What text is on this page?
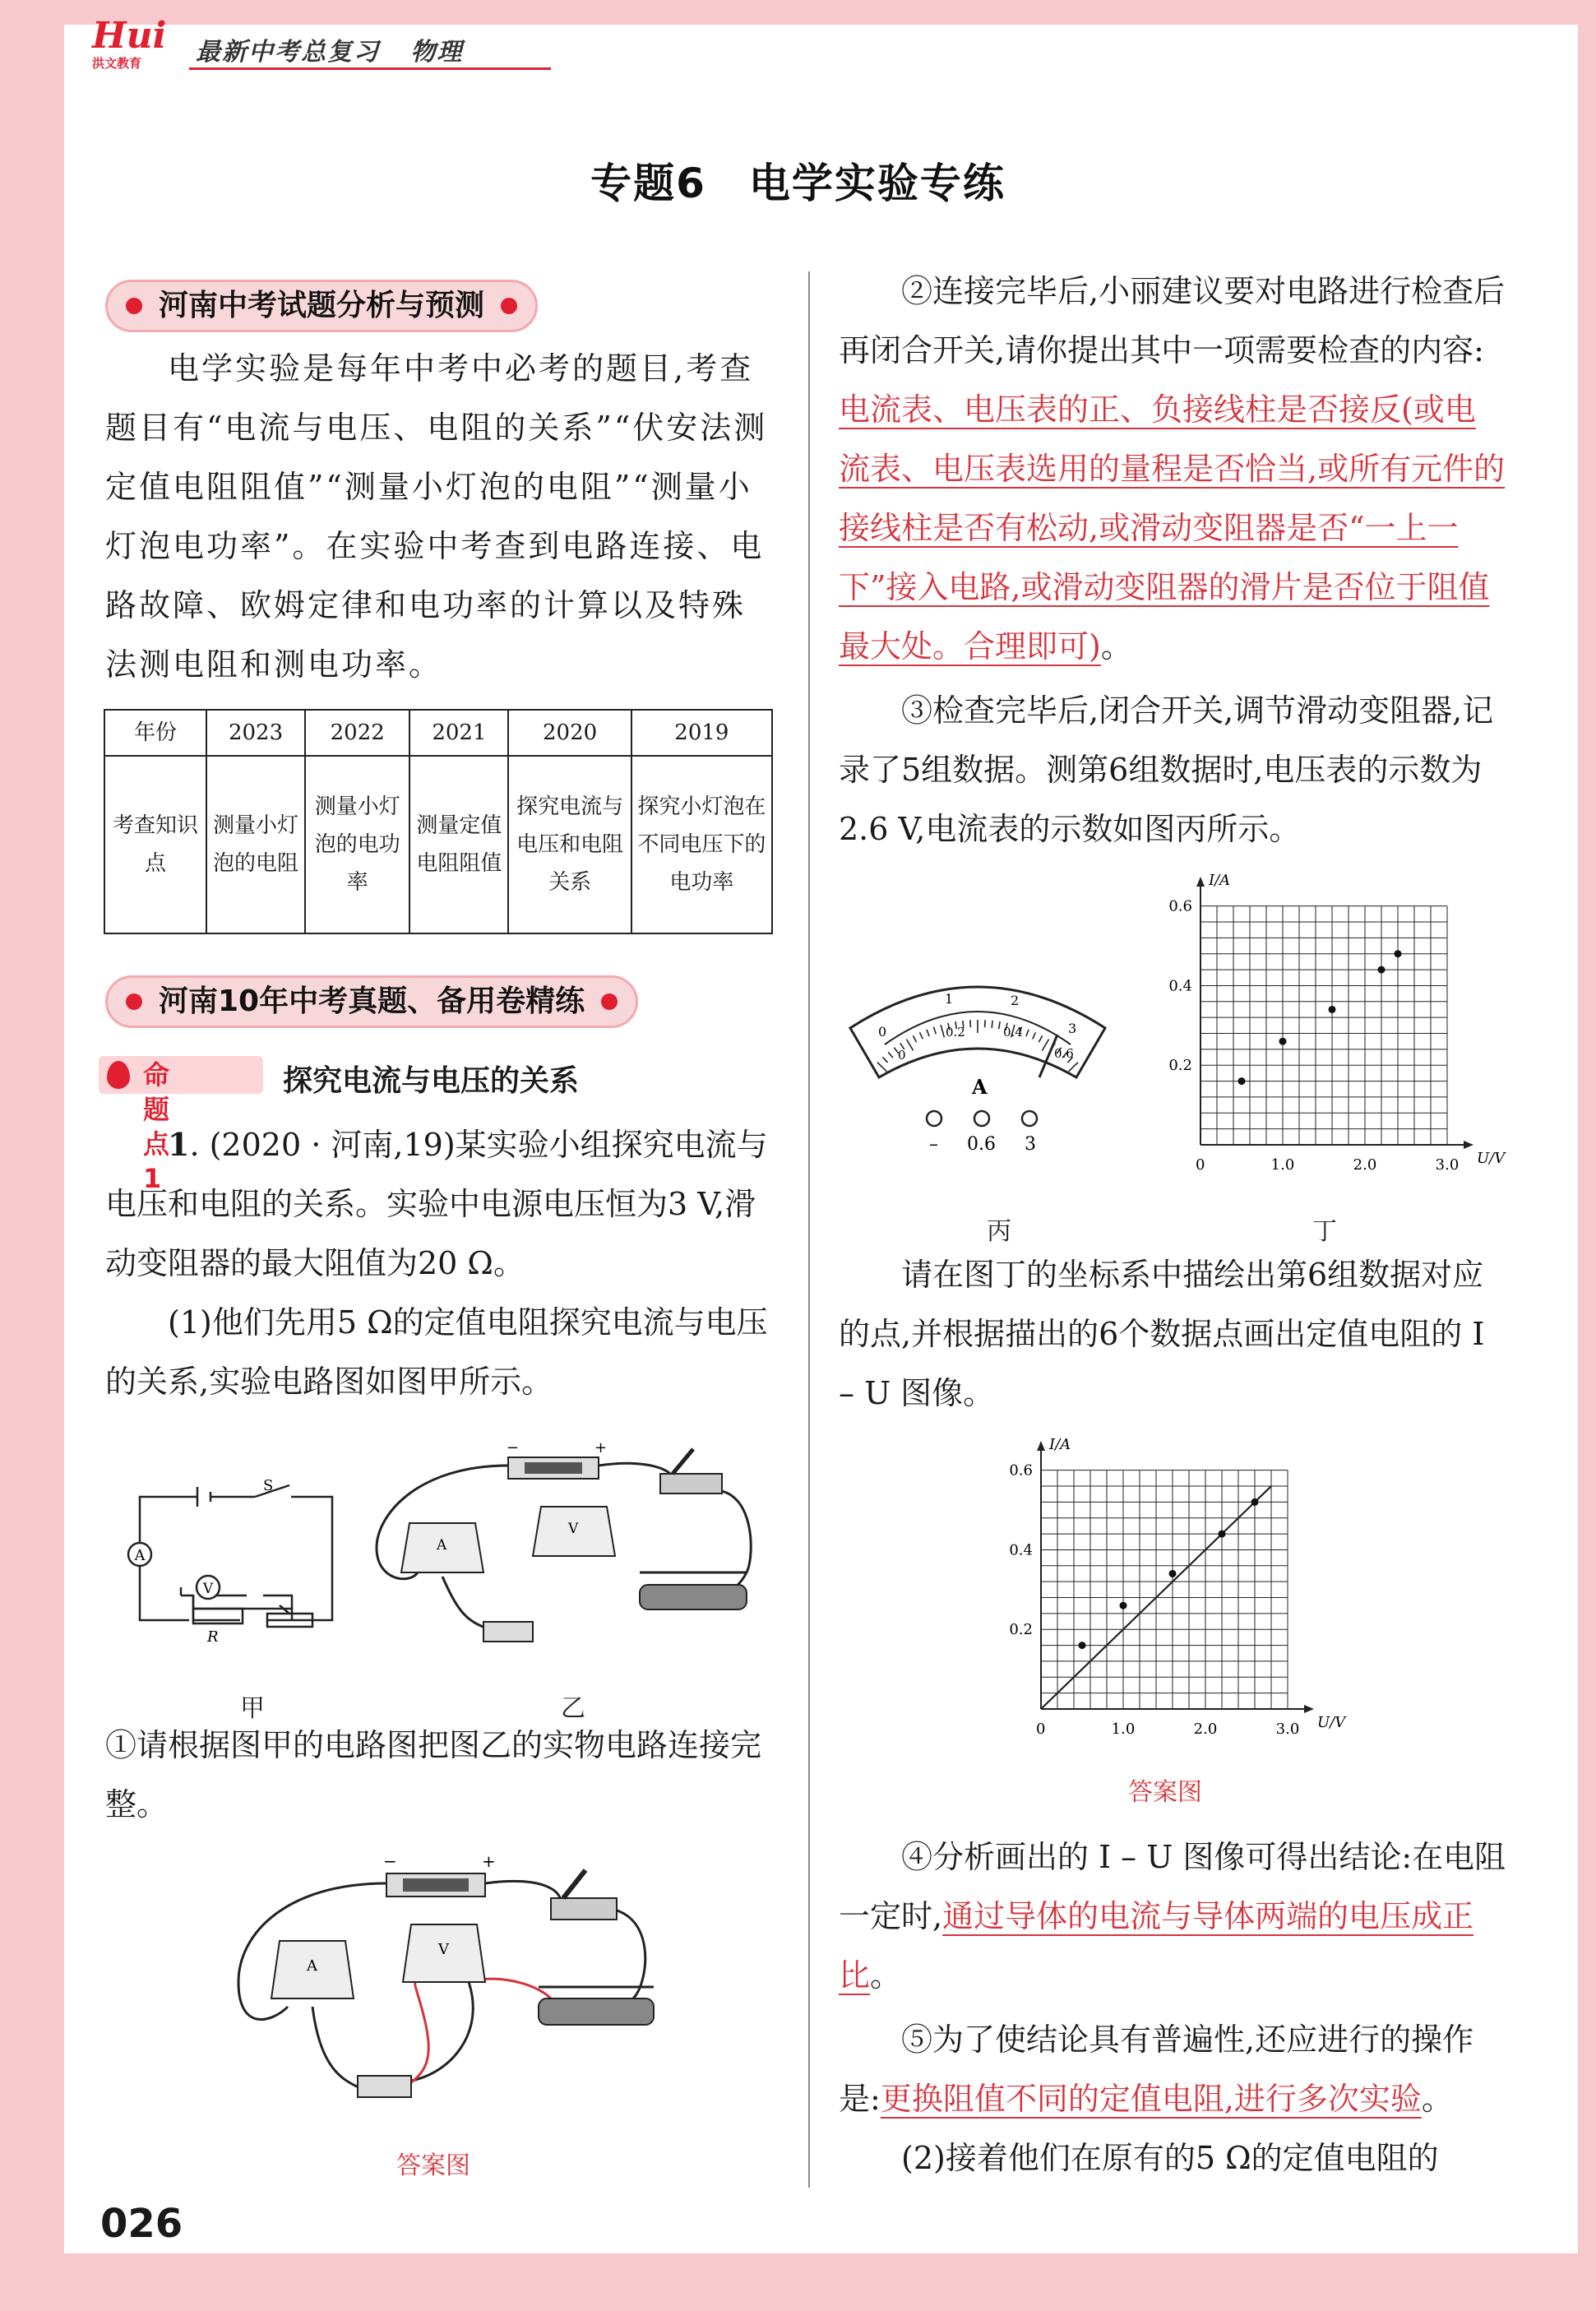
Hui
洪文教育	最新中考总复习 物理
专题6　电学实验专练
河南中考试题分析与预测

电学实验是每年中考中必考的题目,考查题目有“电流与电压、电阻的关系”“伏安法测定值电阻阻值”“测量小灯泡的电阻”“测量小灯泡电功率”。在实验中考查到电路连接、电路故障、欧姆定律和电功率的计算以及特殊法测电阻和测电功率。

年份	2023	2022	2021	2020	2019
考查知识点	测量小灯泡的电阻	测量小灯泡的电功率	测量定值电阻阻值	探究电流与电压和电阻关系	探究小灯泡在不同电压下的电功率
河南10年中考真题、备用卷精练
命题点1
探究电流与电压的关系

1. (2020 · 河南,19)某实验小组探究电流与电压和电阻的关系。实验中电源电压恒为3 V,滑动变阻器的最大阻值为20 Ω。

(1)他们先用5 Ω的定值电阻探究电流与电压的关系,实验电路图如图甲所示。

A
V
S
R
甲
−	+
A
V
乙

①请根据图甲的电路图把图乙的实物电路连接完整。

−	+
A
V
答案图

②连接完毕后,小丽建议要对电路进行检查后再闭合开关,请你提出其中一项需要检查的内容:电流表、电压表的正、负接线柱是否接反(或电流表、电压表选用的量程是否恰当,或所有元件的接线柱是否有松动,或滑动变阻器是否“一上一下”接入电路,或滑动变阻器的滑片是否位于阻值最大处。合理即可)。

③检查完毕后,闭合开关,调节滑动变阻器,记录了5组数据。测第6组数据时,电压表的示数为2.6 V,电流表的示数如图丙所示。

0
1	2
3
0
0.2	0.4
0.6
A
– 0.6 3
丙
I/A
U/V
0	1.0	2.0	3.0
0.2
0.4
0.6
丁

请在图丁的坐标系中描绘出第6组数据对应的点,并根据描出的6个数据点画出定值电阻的 I – U 图像。

I/A
U/V
0	1.0	2.0	3.0
0.2
0.4
0.6
答案图

④分析画出的 I – U 图像可得出结论:在电阻一定时,通过导体的电流与导体两端的电压成正比。

⑤为了使结论具有普遍性,还应进行的操作是:更换阻值不同的定值电阻,进行多次实验。

(2)接着他们在原有的5 Ω的定值电阻的

026
